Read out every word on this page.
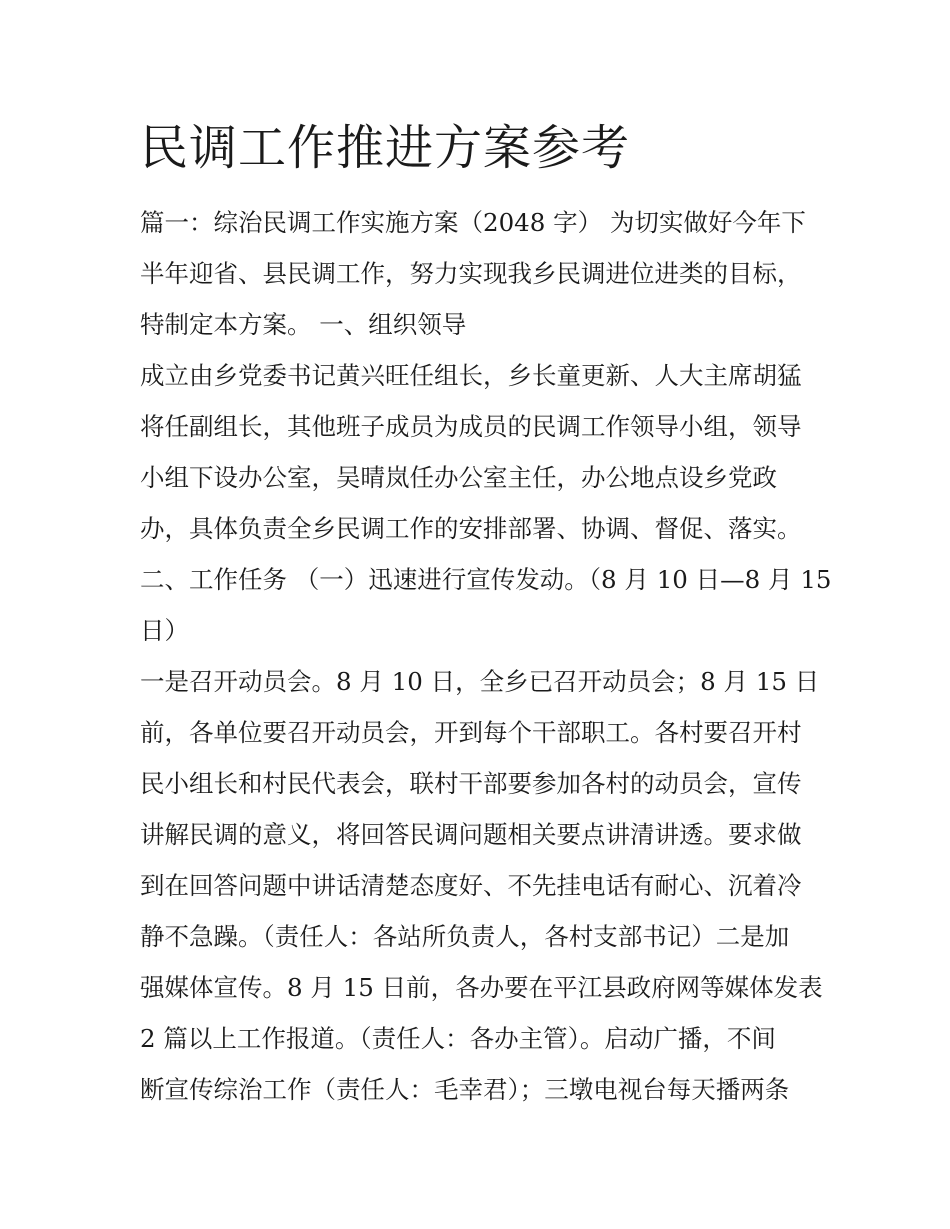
民调工作推进方案参考

篇一：综治民调工作实施方案（2048 字） 为切实做好今年下

半年迎省、县民调工作，努力实现我乡民调进位进类的目标，

特制定本方案。 一、组织领导

成立由乡党委书记黄兴旺任组长，乡长童更新、人大主席胡猛

将任副组长，其他班子成员为成员的民调工作领导小组，领导

小组下设办公室，吴晴岚任办公室主任，办公地点设乡党政

办，具体负责全乡民调工作的安排部署、协调、督促、落实。

二、工作任务 （一）迅速进行宣传发动。（8 月 10 日—8 月 15

日）

一是召开动员会。8 月 10 日，全乡已召开动员会；8 月 15 日

前，各单位要召开动员会，开到每个干部职工。各村要召开村

民小组长和村民代表会，联村干部要参加各村的动员会，宣传

讲解民调的意义，将回答民调问题相关要点讲清讲透。要求做

到在回答问题中讲话清楚态度好、不先挂电话有耐心、沉着冷

静不急躁。（责任人：各站所负责人，各村支部书记）二是加

强媒体宣传。8 月 15 日前，各办要在平江县政府网等媒体发表

2 篇以上工作报道。（责任人：各办主管）。启动广播，不间

断宣传综治工作（责任人：毛幸君）；三墩电视台每天播两条
